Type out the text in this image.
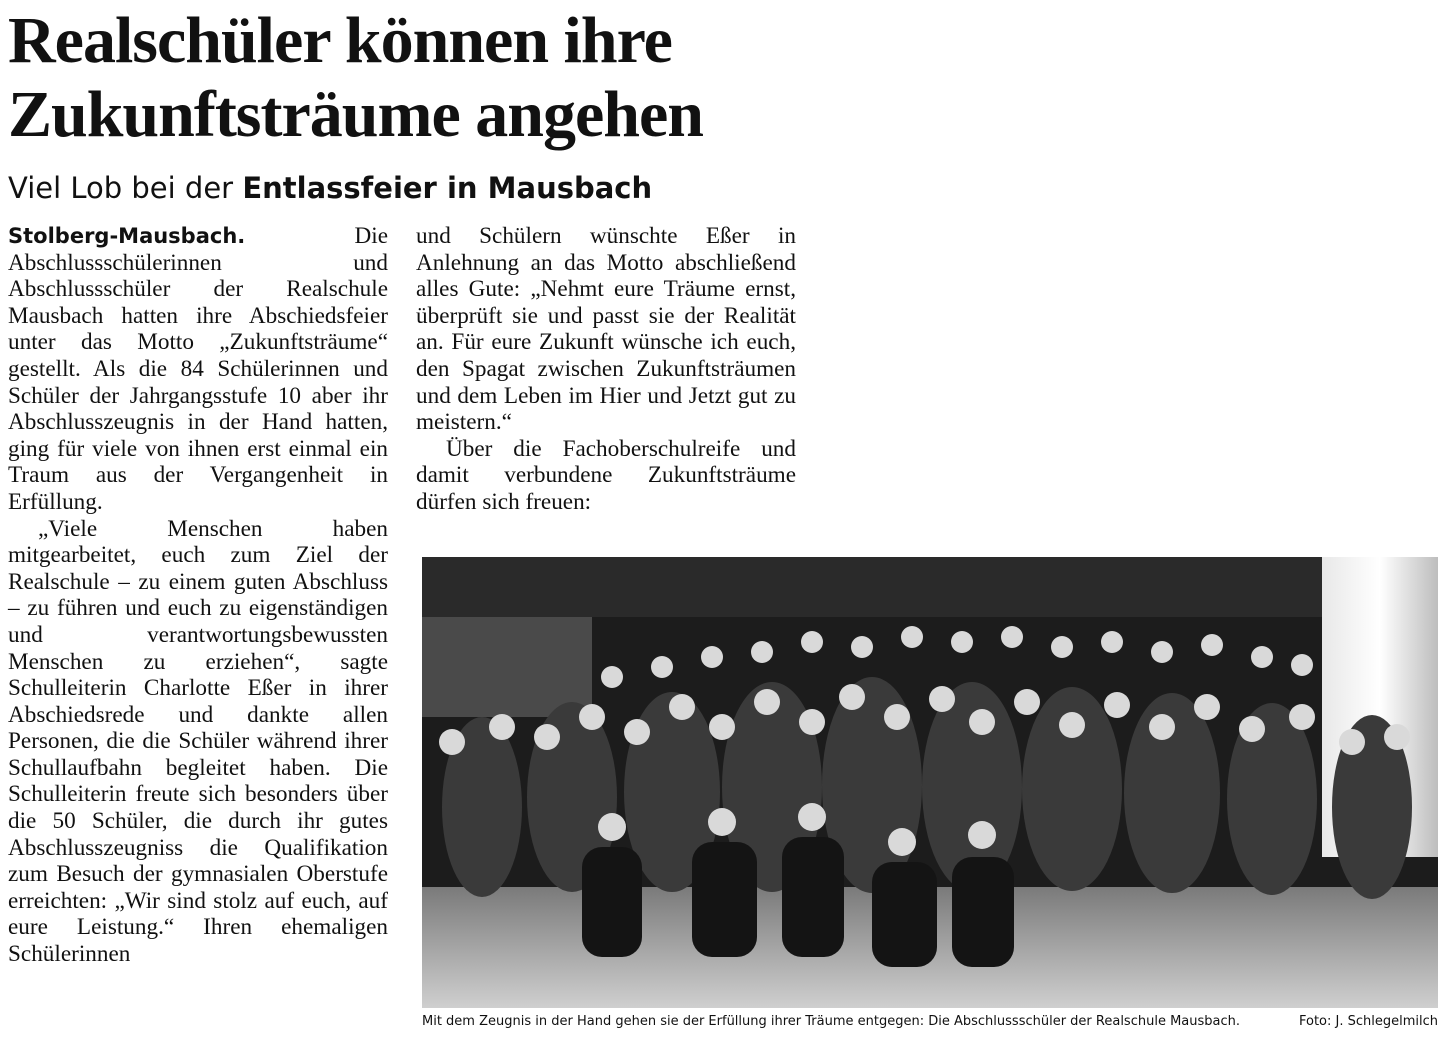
Realschüler können ihre
Zukunftsträume angehen
Viel Lob bei der Entlassfeier in Mausbach

Stolberg-Mausbach. Die Abschlussschülerinnen und Abschlussschüler der Realschule Mausbach hatten ihre Abschiedsfeier unter das Motto „Zukunftsträume“ gestellt. Als die 84 Schülerinnen und Schüler der Jahrgangsstufe 10 aber ihr Abschlusszeugnis in der Hand hatten, ging für viele von ihnen erst einmal ein Traum aus der Vergangenheit in Erfüllung.

„Viele Menschen haben mitgearbeitet, euch zum Ziel der Realschule – zu einem guten Abschluss – zu führen und euch zu eigenständigen und verantwortungsbewussten Menschen zu erziehen“, sagte Schulleiterin Charlotte Eßer in ihrer Abschiedsrede und dankte allen Personen, die die Schüler während ihrer Schullaufbahn begleitet haben. Die Schulleiterin freute sich besonders über die 50 Schüler, die durch ihr gutes Abschlusszeugniss die Qualifikation zum Besuch der gymnasialen Oberstufe erreichten: „Wir sind stolz auf euch, auf eure Leistung.“ Ihren ehemaligen Schülerinnen

und Schülern wünschte Eßer in Anlehnung an das Motto abschließend alles Gute: „Nehmt eure Träume ernst, überprüft sie und passt sie der Realität an. Für eure Zukunft wünsche ich euch, den Spagat zwischen Zukunftsträumen und dem Leben im Hier und Jetzt gut zu meistern.“

Über die Fachoberschulreife und damit verbundene Zukunftsträume dürfen sich freuen:

Mit dem Zeugnis in der Hand gehen sie der Erfüllung ihrer Träume entgegen: Die Abschlussschüler der Realschule Mausbach.	Foto: J. Schlegelmilch
